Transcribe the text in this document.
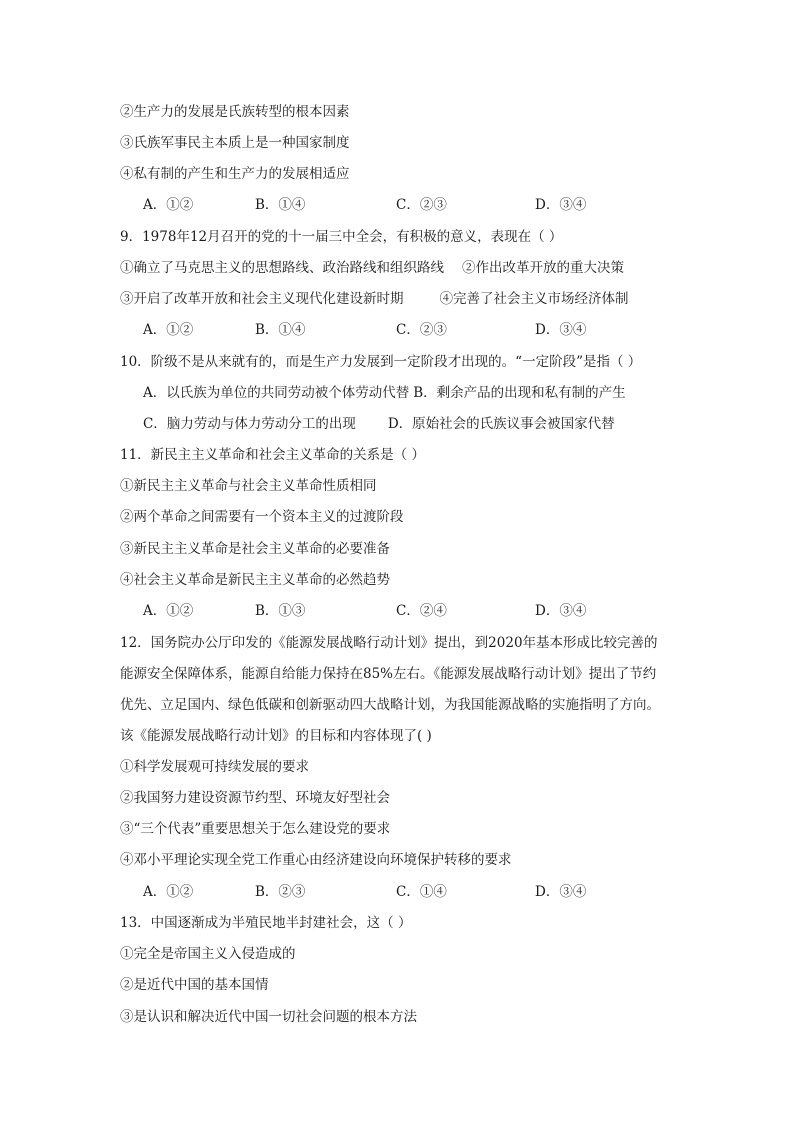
②生产力的发展是氏族转型的根本因素
③氏族军事民主本质上是一种国家制度
④私有制的产生和生产力的发展相适应
A．①②	B．①④	C．②③	D．③④
9．1978年12月召开的党的十一届三中全会，有积极的意义，表现在（ ）
①确立了马克思主义的思想路线、政治路线和组织路线 ②作出改革开放的重大决策
③开启了改革开放和社会主义现代化建设新时期	④完善了社会主义市场经济体制
A．①②	B．①④	C．②③	D．③④
10．阶级不是从来就有的，而是生产力发展到一定阶段才出现的。“一定阶段”是指（ ）
A．以氏族为单位的共同劳动被个体劳动代替 B．剩余产品的出现和私有制的产生
C．脑力劳动与体力劳动分工的出现 D．原始社会的氏族议事会被国家代替
11．新民主主义革命和社会主义革命的关系是（ ）
①新民主主义革命与社会主义革命性质相同
②两个革命之间需要有一个资本主义的过渡阶段
③新民主主义革命是社会主义革命的必要准备
④社会主义革命是新民主主义革命的必然趋势
A．①②	B．①③	C．②④	D．③④
12．国务院办公厅印发的《能源发展战略行动计划》提出，到2020年基本形成比较完善的
能源安全保障体系，能源自给能力保持在85%左右。《能源发展战略行动计划》提出了节约
优先、立足国内、绿色低碳和创新驱动四大战略计划，为我国能源战略的实施指明了方向。
该《能源发展战略行动计划》的目标和内容体现了( )
①科学发展观可持续发展的要求
②我国努力建设资源节约型、环境友好型社会
③“三个代表”重要思想关于怎么建设党的要求
④邓小平理论实现全党工作重心由经济建设向环境保护转移的要求
A．①②	B．②③	C．①④	D．③④
13．中国逐渐成为半殖民地半封建社会，这（ ）
①完全是帝国主义入侵造成的
②是近代中国的基本国情
③是认识和解决近代中国一切社会问题的根本方法
